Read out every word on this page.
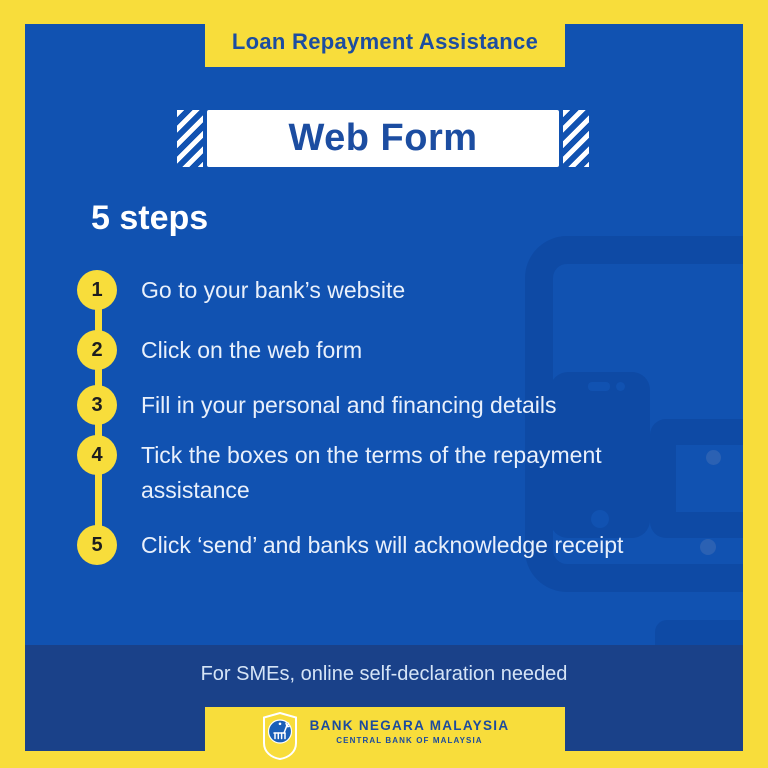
Web Form
5 steps
1 Go to your bank’s website
2 Click on the web form
3 Fill in your personal and financing details
4 Tick the boxes on the terms of the repayment assistance
5 Click ‘send’ and banks will acknowledge receipt
For SMEs, online self-declaration needed
Loan Repayment Assistance
BANK NEGARA MALAYSIA
CENTRAL BANK OF MALAYSIA
